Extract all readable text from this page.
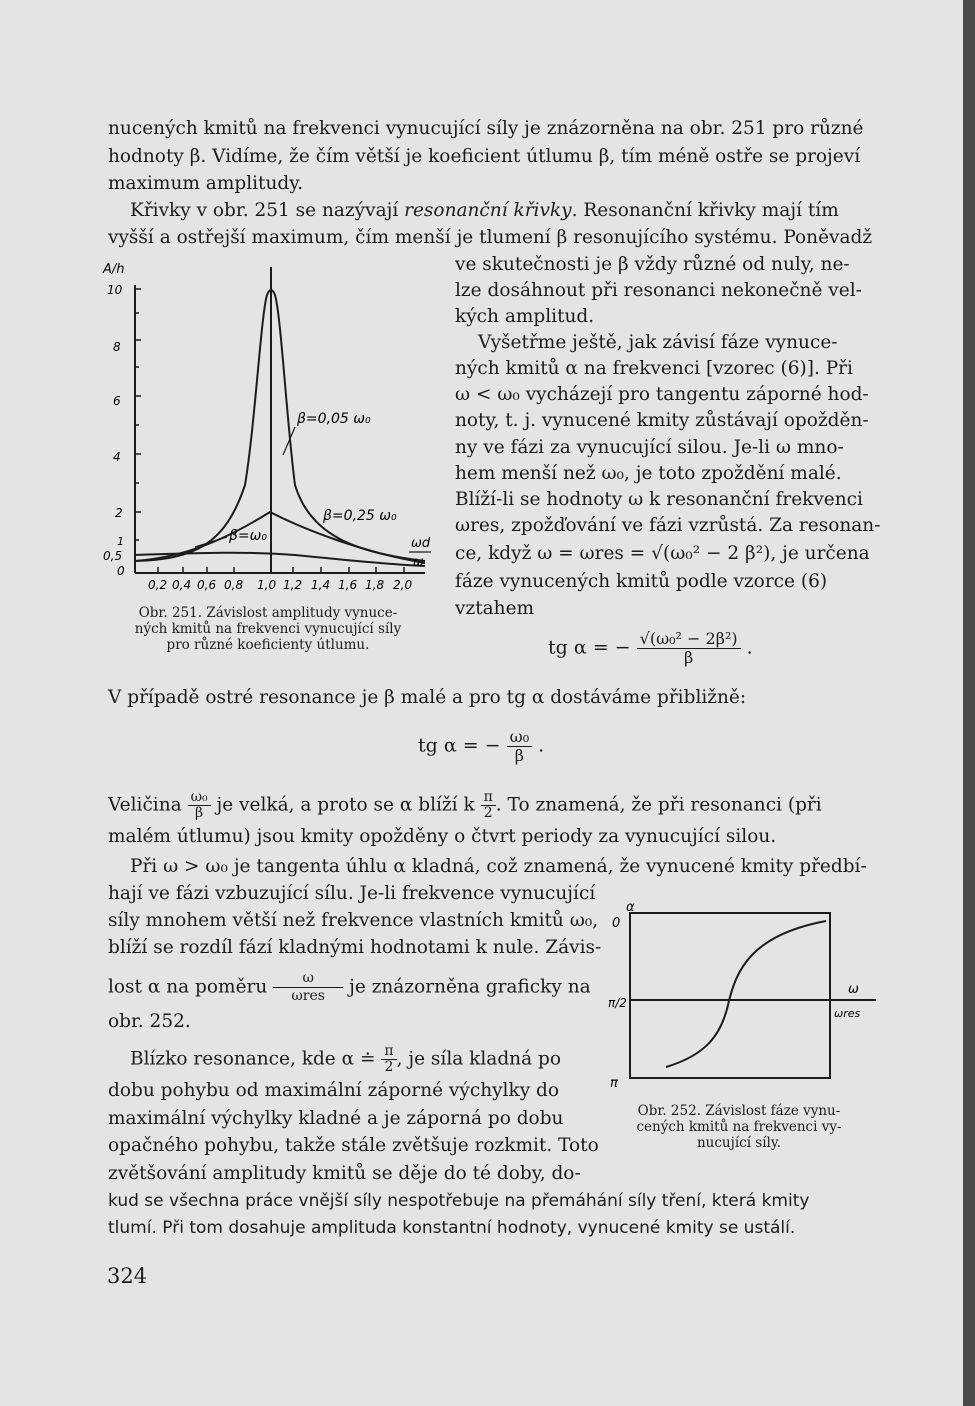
nucených kmitů na frekvenci vynucující síly je znázorněna na obr. 251 pro různé
hodnoty β. Vidíme, že čím větší je koeficient útlumu β, tím méně ostře se projeví
maximum amplitudy.
Křivky v obr. 251 se nazývají resonanční křivky. Resonanční křivky mají tím
vyšší a ostřejší maximum, čím menší je tlumení β resonujícího systému. Poněvadž
ve skutečnosti je β vždy různé od nuly, ne-
lze dosáhnout při resonanci nekonečně vel-
kých amplitud.
Vyšetřme ještě, jak závisí fáze vynuce-
ných kmitů α na frekvenci [vzorec (6)]. Při
ω < ω₀ vycházejí pro tangentu záporné hod-
noty, t. j. vynucené kmity zůstávají opožděn-
ny ve fázi za vynucující silou. Je-li ω mno-
hem menší než ω₀, je toto zpoždění malé.
Blíží-li se hodnoty ω k resonanční frekvenci
ωres, zpožďování ve fázi vzrůstá. Za resonan-
ce, když ω = ωres = √(ω₀² − 2 β²), je určena
fáze vynucených kmitů podle vzorce (6)
vztahem
tg α = − $\frac{\text{√(ω₀² − 2β²)}}{\beta}$ .
V případě ostré resonance je β malé a pro tg α dostáváme přibližně:
tg α = − $\frac{\text{ω₀}}{\beta}$ .
Veličina $\frac{\text{ω₀}}{\beta}$ je velká, a proto se α blíží k $\frac{\pi}{2}$ . To znamená, že při resonanci (při
malém útlumu) jsou kmity opožděny o čtvrt periody za vynucující silou.
Při ω > ω₀ je tangenta úhlu α kladná, což znamená, že vynucené kmity předbí-
hají ve fázi vzbuzující sílu. Je-li frekvence vynucující
síly mnohem větší než frekvence vlastních kmitů ω₀,
blíží se rozdíl fází kladnými hodnotami k nule. Závis-
lost α na poměru $\frac{\omega}{\text{ωres}}$ je znázorněna graficky na
obr. 252.
Blízko resonance, kde α ≐ $\frac{\pi}{2}$ , je síla kladná po
dobu pohybu od maximální záporné výchylky do
maximální výchylky kladné a je záporná po dobu
opačného pohybu, takže stále zvětšuje rozkmit. Toto
zvětšování amplitudy kmitů se děje do té doby, do-
kud se všechna práce vnější síly nespotřebuje na přemáhání síly tření, která kmity
tlumí. Při tom dosahuje amplituda konstantní hodnoty, vynucené kmity se ustálí.
A/h
10
8
6
4
2
1
0,5
0
0,2 0,4 0,6 0,8 1,0 1,2 1,4 1,6 1,8 2,0
β=0,05 ω₀
β=0,25 ω₀
β=ω₀	ωd
ω
Obr. 251. Závislost amplitudy vynuce-
ných kmitů na frekvenci vynucující síly
pro různé koeficienty útlumu.
α
0
π/2
π
ω
ωres
Obr. 252. Závislost fáze vynu-
cených kmitů na frekvenci vy-
nucující síly.
324
